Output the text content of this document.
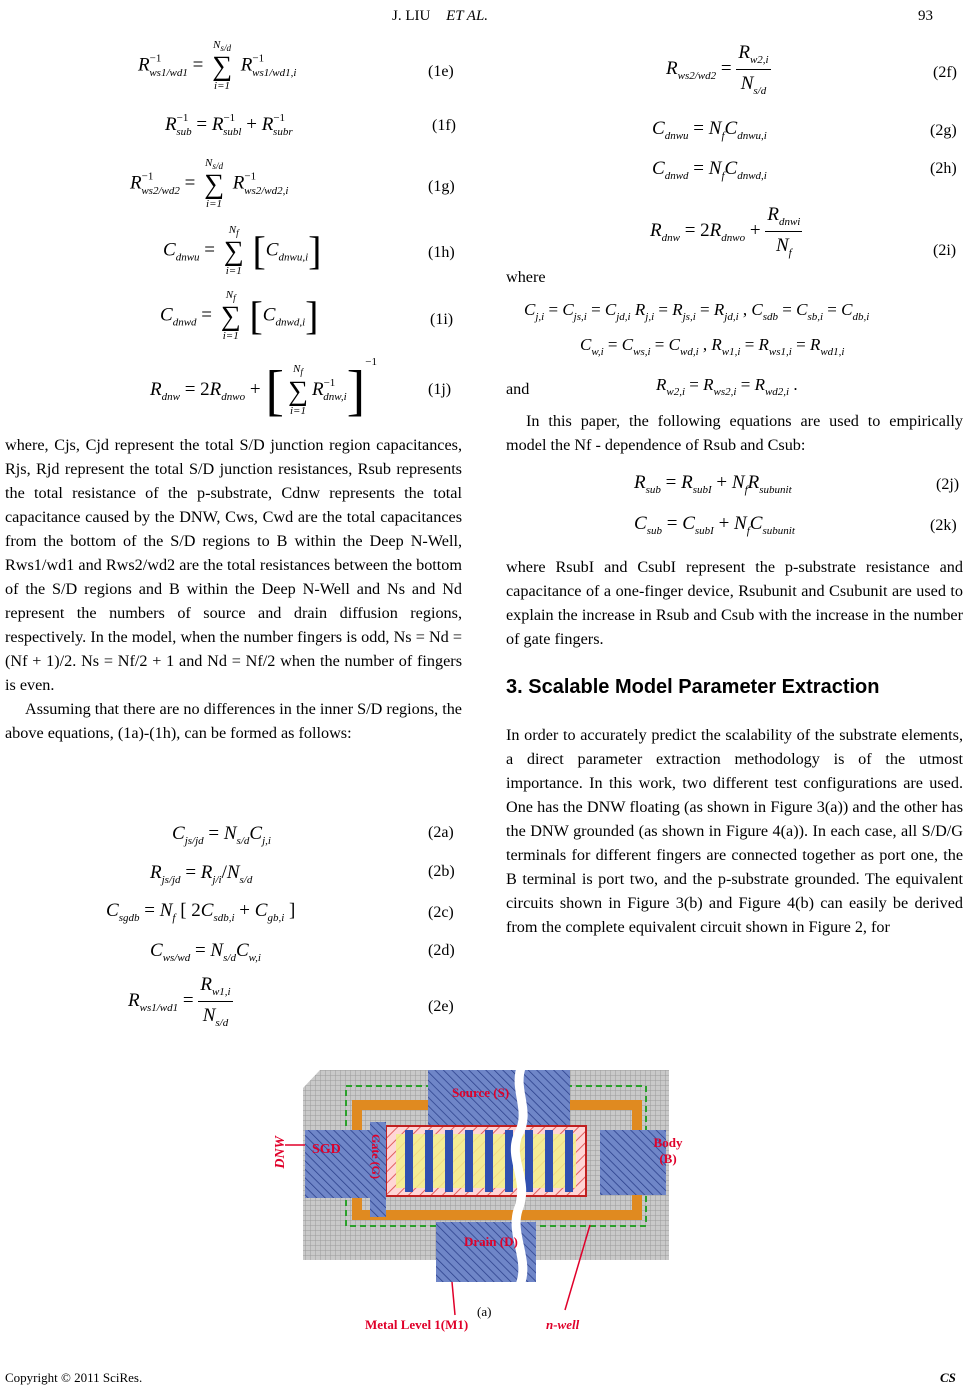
J. LIU ET AL.	93
$R^{-1}_{ws1/wd1}$ =
$N_{s/d}$
∑
i=1
$R^{-1}_{ws1/wd1,i}$	(1e)
$R^{-1}_{sub} = R^{-1}_{subl} + R^{-1}_{subr}$	(1f)
$R^{-1}_{ws2/wd2}$ =
$N_{s/d}$
∑
i=1
$R^{-1}_{ws2/wd2,i}$	(1g)
$C_{dnwu}$ =
$N_f$
∑
i=1 $[C_{dnwu,i}]$	(1h)
$C_{dnwd}$ =
$N_f$
∑
i=1 $[C_{dnwd,i}]$	(1i)
$R_{dnw} = 2R_{dnwo}$ + [ $N_f$
∑
i=1
$R^{-1}_{dnw,i}]^{-1}$
(1j)

where, Cjs, Cjd represent the total S/D junction region capacitances, Rjs, Rjd represent the total S/D junction resistances, Rsub represents the total resistance of the p-substrate, Cdnw represents the total capacitance caused by the DNW, Cws, Cwd are the total capacitances from the bottom of the S/D regions to B within the Deep N-Well, Rws1/wd1 and Rws2/wd2 are the total resistances between the bottom of the S/D regions and B within the Deep N-Well and Ns and Nd represent the numbers of source and drain diffusion regions, respectively. In the model, when the number fingers is odd, Ns = Nd = (Nf + 1)/2. Ns = Nf/2 + 1 and Nd = Nf/2 when the number of fingers is even.

Assuming that there are no differences in the inner S/D regions, the above equations, (1a)-(1h), can be formed as follows:

$C_{js/jd} = N_{s/d}C_{j,i}$	(2a)
$R_{js/jd} = R_{j/i}/N_{s/d}$	(2b)
$C_{sgdb} = N_f$ [ $2C_{sdb,i} + C_{gb,i}$ ]	(2c)
$C_{ws/wd} = N_{s/d}C_{w,i}$	(2d)
$R_{ws1/wd1} = \frac{R_{w1,i}}{N_{s/d}}$	(2e)
$R_{ws2/wd2} = \frac{R_{w2,i}}{N_{s/d}}$	(2f)
$C_{dnwu} = N_fC_{dnwu,i}$	(2g)
$C_{dnwd} = N_fC_{dnwd,i}$	(2h)
$R_{dnw} = 2R_{dnwo} + \frac{R_{dnwi}}{N_f}$	(2i)
where
$C_{j,i} = C_{js,i} = C_{jd,i}$ $R_{j,i} = R_{js,i} = R_{jd,i}$ , $C_{sdb} = C_{sb,i} = C_{db,i}$
$C_{w,i} = C_{ws,i} = C_{wd,i}$ , $R_{w1,i} = R_{ws1,i} = R_{wd1,i}$
and	$R_{w2,i} = R_{ws2,i} = R_{wd2,i}$ .
In this paper, the following equations are used to empirically model the Nf - dependence of Rsub and Csub:
$R_{sub} = R_{subI} + N_fR_{subunit}$	(2j)
$C_{sub} = C_{subI} + N_fC_{subunit}$	(2k)
where RsubI and CsubI represent the p-substrate resistance and capacitance of a one-finger device, Rsubunit and Csubunit are used to explain the increase in Rsub and Csub with the increase in the number of gate fingers.
3. Scalable Model Parameter Extraction
In order to accurately predict the scalability of the substrate elements, a direct parameter extraction methodology is of the utmost importance. In this work, two different test configurations are used. One has the DNW floating (as shown in Figure 3(a)) and the other has the DNW grounded (as shown in Figure 4(a)). In each case, all S/D/G terminals for different fingers are connected together as port one, the B terminal is port two, and the p-substrate grounded. The equivalent circuits shown in Figure 3(b) and Figure 4(b) can easily be derived from the complete equivalent circuit shown in Figure 2, for
Source (S)
DNW SGD Gate (G)	Body (B)
Drain (D)
Metal Level 1(M1)	n-well
(a)
Copyright © 2011 SciRes.	CS
